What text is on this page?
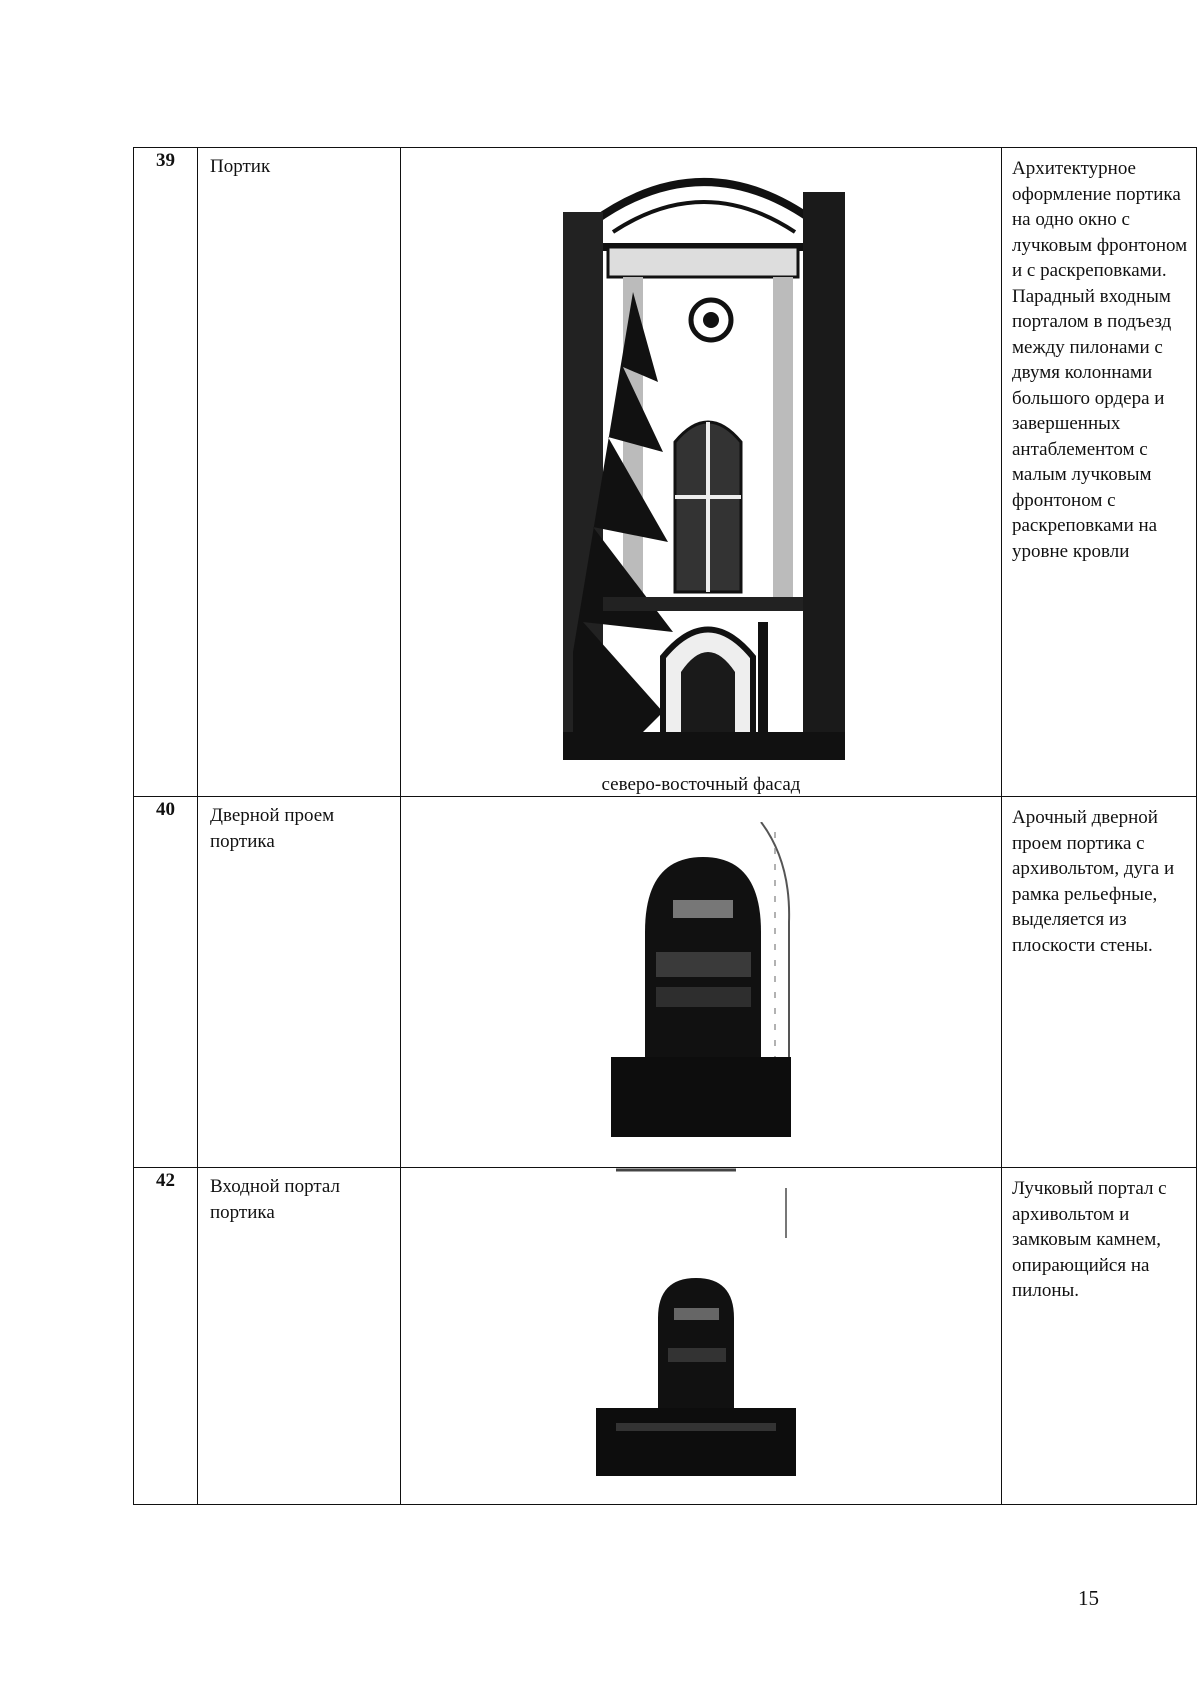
39	Портик	северо-восточный фасад	Архитектурное оформление портика на одно окно с лучковым фронтоном и с раскреповками. Парадный входным порталом в подъезд между пилонами с двумя колоннами большого ордера и завершенных антаблементом с малым лучковым фронтоном с раскреповками на уровне кровли
40	Дверной проем портика		Арочный дверной проем портика с архивольтом, дуга и рамка рельефные, выделяется из плоскости стены.
42	Входной портал портика		Лучковый портал с архивольтом и замковым камнем, опирающийся на пилоны.
15
